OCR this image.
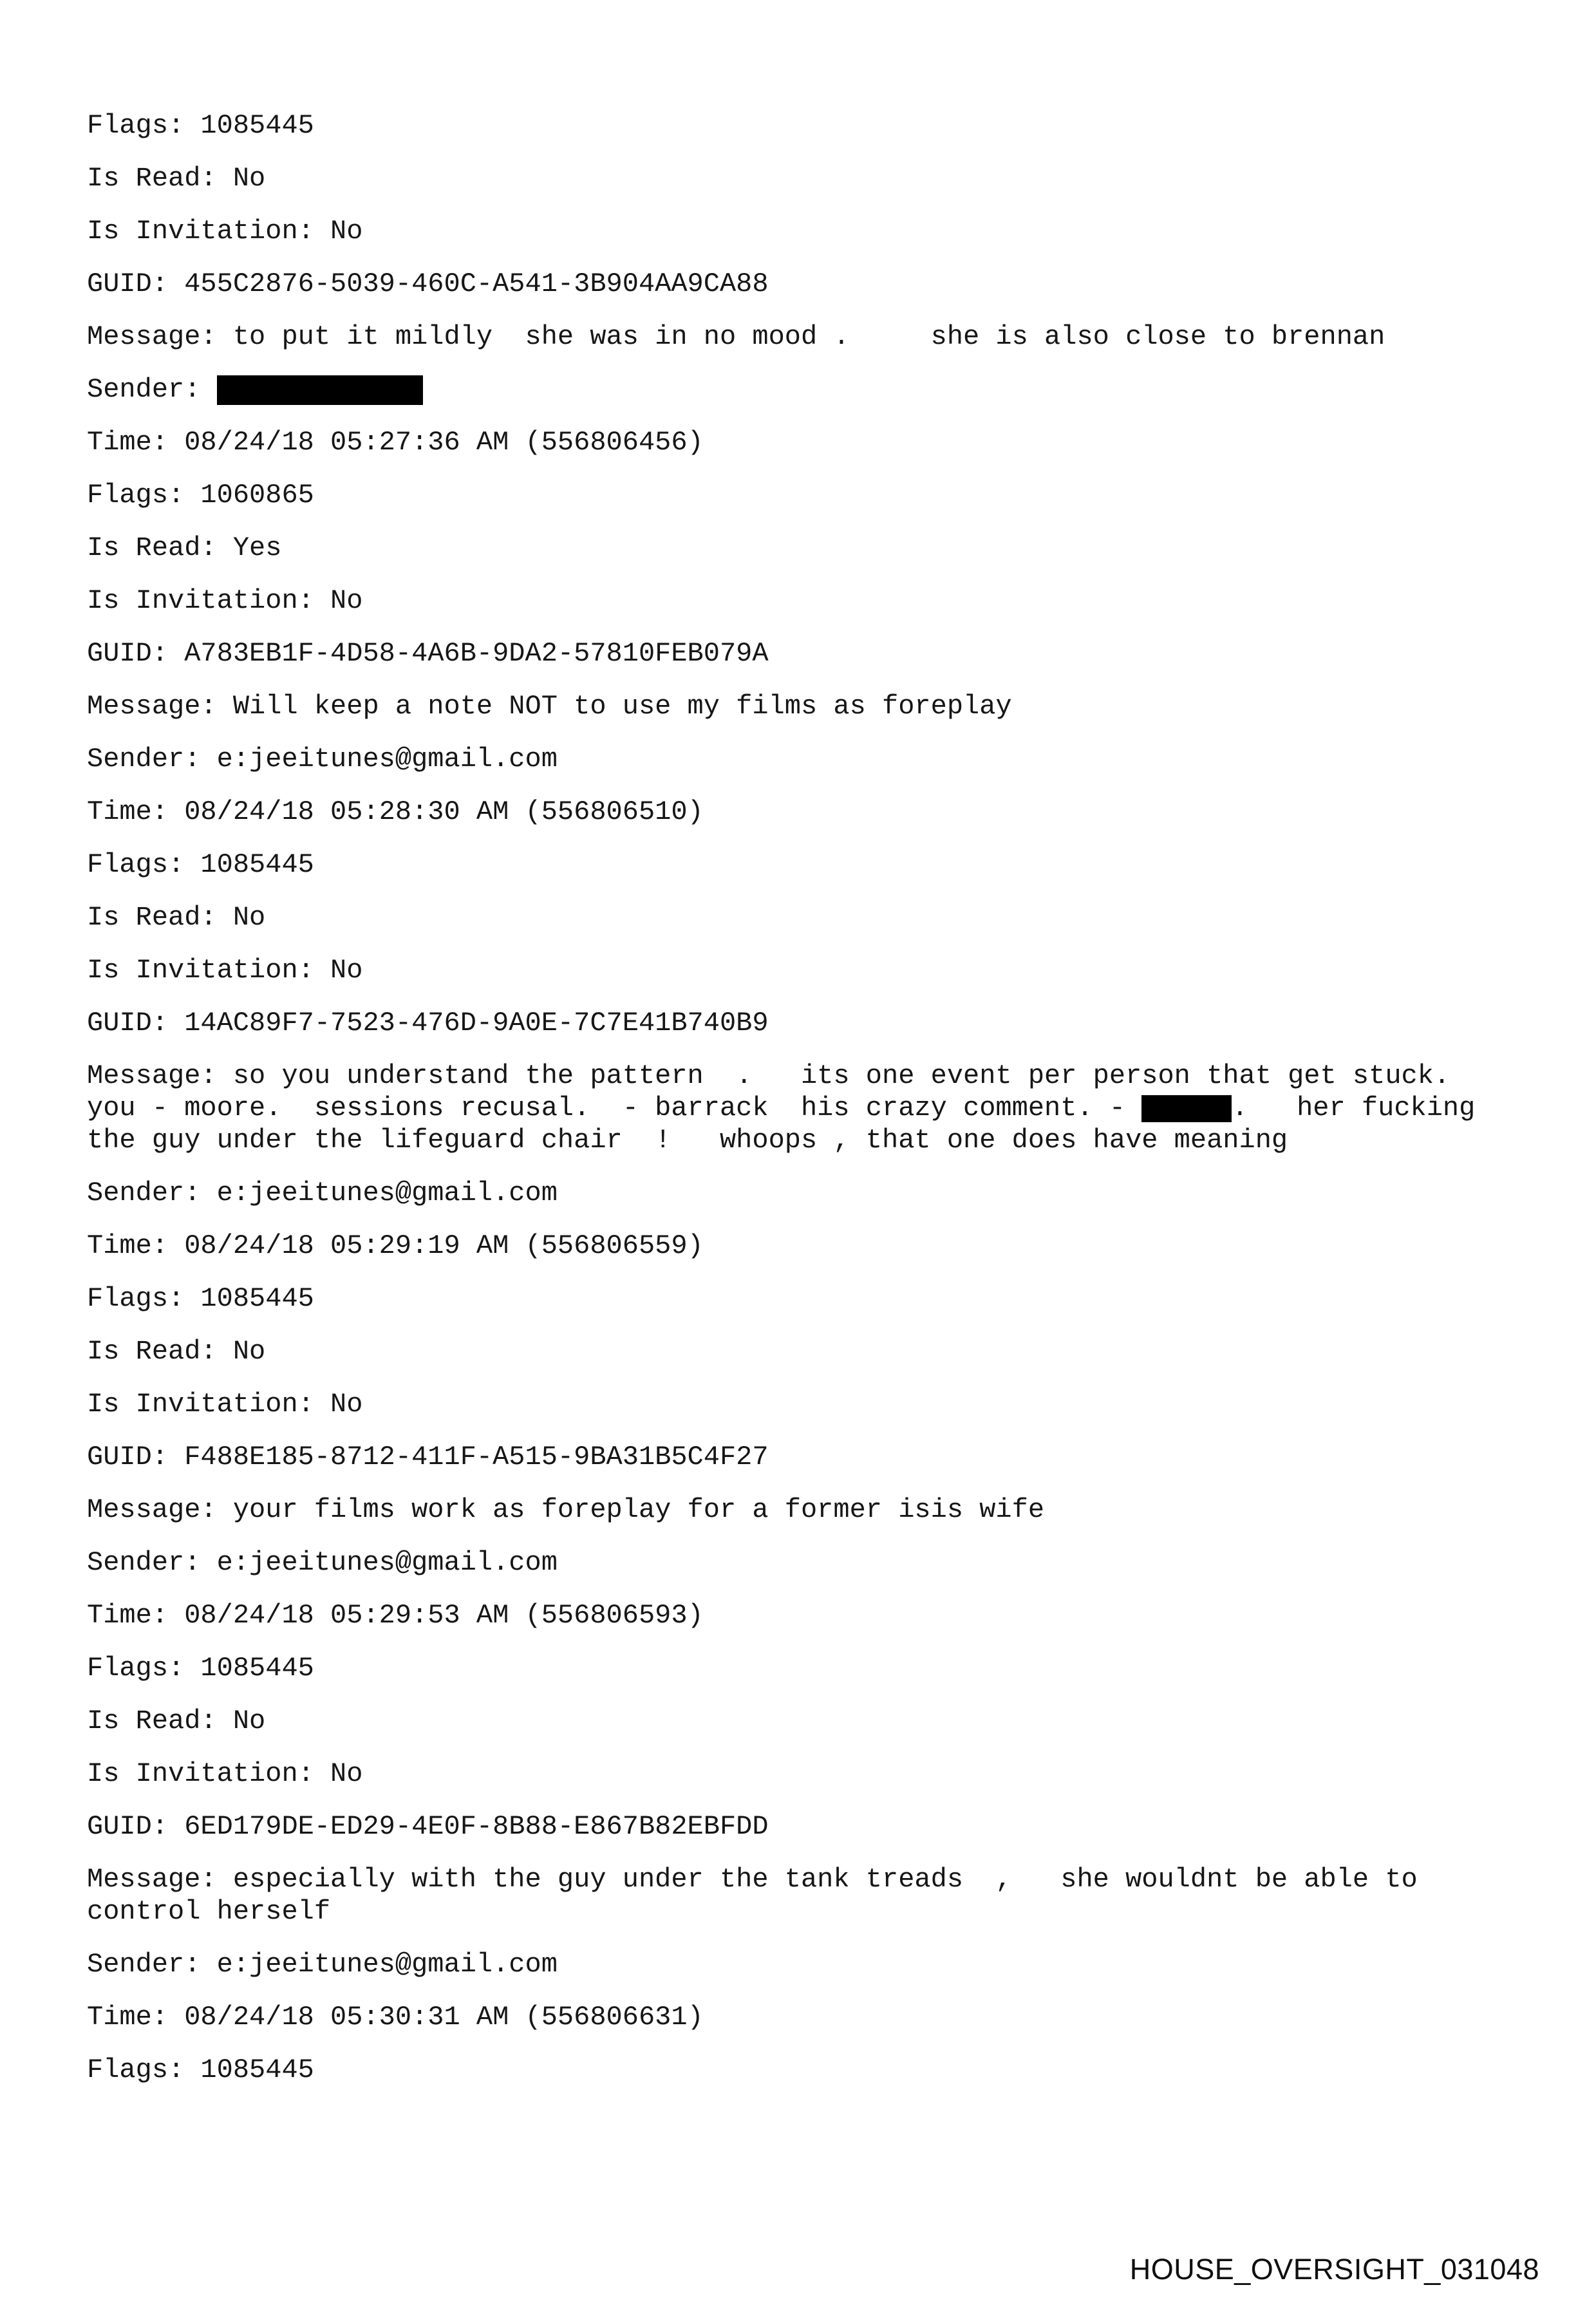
Flags: 1085445
Is Read: No
Is Invitation: No
GUID: 455C2876-5039-460C-A541-3B904AA9CA88
Message: to put it mildly  she was in no mood .     she is also close to brennan
Sender:
Time: 08/24/18 05:27:36 AM (556806456)
Flags: 1060865
Is Read: Yes
Is Invitation: No
GUID: A783EB1F-4D58-4A6B-9DA2-57810FEB079A
Message: Will keep a note NOT to use my films as foreplay
Sender: e:jeeitunes@gmail.com
Time: 08/24/18 05:28:30 AM (556806510)
Flags: 1085445
Is Read: No
Is Invitation: No
GUID: 14AC89F7-7523-476D-9A0E-7C7E41B740B9
Message: so you understand the pattern  .   its one event per person that get stuck.
you - moore.  sessions recusal.  - barrack  his crazy comment. -	.   her fucking
the guy under the lifeguard chair  !   whoops , that one does have meaning
Sender: e:jeeitunes@gmail.com
Time: 08/24/18 05:29:19 AM (556806559)
Flags: 1085445
Is Read: No
Is Invitation: No
GUID: F488E185-8712-411F-A515-9BA31B5C4F27
Message: your films work as foreplay for a former isis wife
Sender: e:jeeitunes@gmail.com
Time: 08/24/18 05:29:53 AM (556806593)
Flags: 1085445
Is Read: No
Is Invitation: No
GUID: 6ED179DE-ED29-4E0F-8B88-E867B82EBFDD
Message: especially with the guy under the tank treads  ,   she wouldnt be able to
control herself
Sender: e:jeeitunes@gmail.com
Time: 08/24/18 05:30:31 AM (556806631)
Flags: 1085445
HOUSE_OVERSIGHT_031048
